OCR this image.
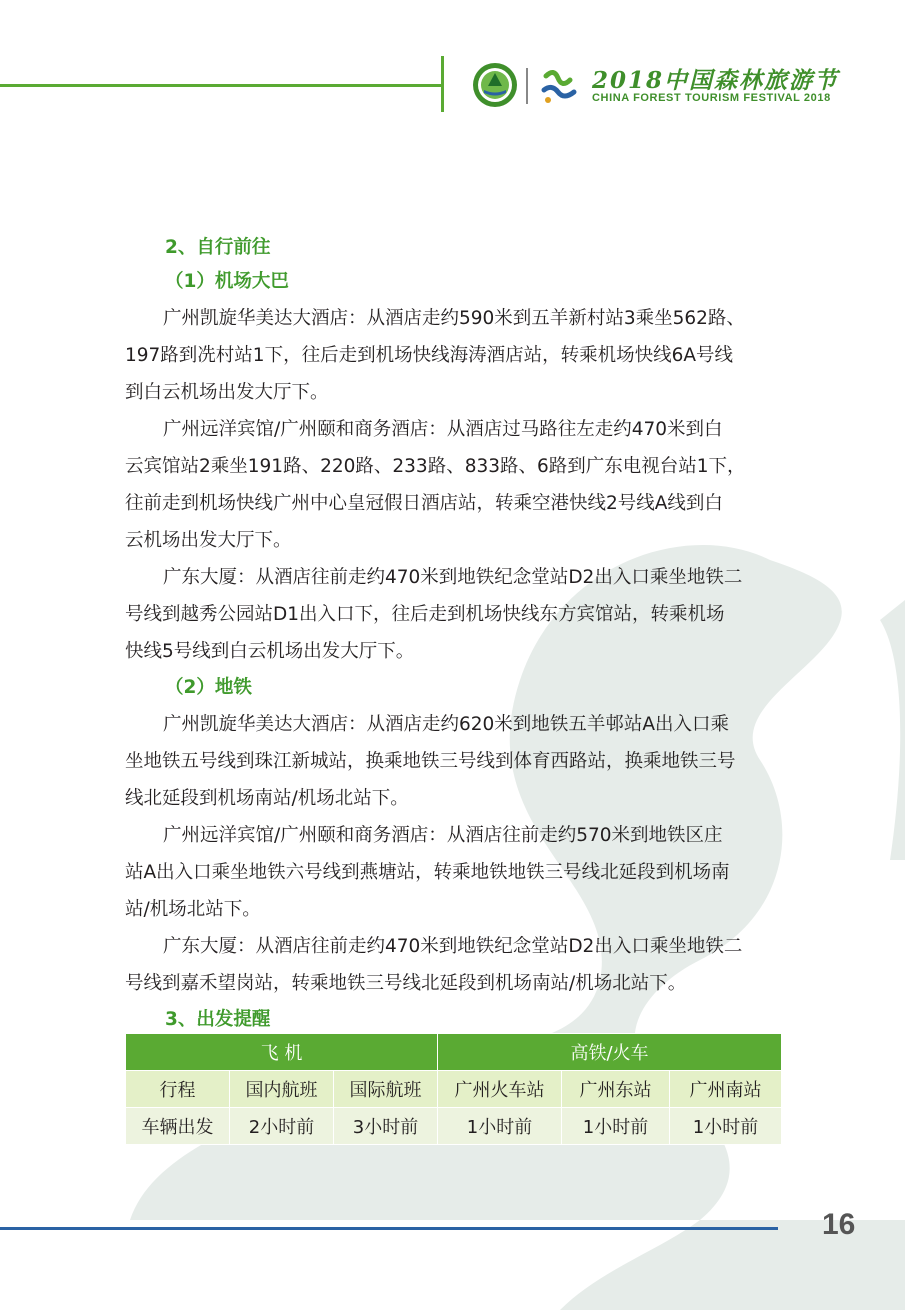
2018中国森林旅游节
CHINA FOREST TOURISM FESTIVAL 2018
2、自行前往
（1）机场大巴
广州凯旋华美达大酒店：从酒店走约590米到五羊新村站3乘坐562路、
197路到冼村站1下，往后走到机场快线海涛酒店站，转乘机场快线6A号线
到白云机场出发大厅下。
广州远洋宾馆/广州颐和商务酒店：从酒店过马路往左走约470米到白
云宾馆站2乘坐191路、220路、233路、833路、6路到广东电视台站1下，
往前走到机场快线广州中心皇冠假日酒店站，转乘空港快线2号线A线到白
云机场出发大厅下。
广东大厦：从酒店往前走约470米到地铁纪念堂站D2出入口乘坐地铁二
号线到越秀公园站D1出入口下，往后走到机场快线东方宾馆站，转乘机场
快线5号线到白云机场出发大厅下。
（2）地铁
广州凯旋华美达大酒店：从酒店走约620米到地铁五羊邨站A出入口乘
坐地铁五号线到珠江新城站，换乘地铁三号线到体育西路站，换乘地铁三号
线北延段到机场南站/机场北站下。
广州远洋宾馆/广州颐和商务酒店：从酒店往前走约570米到地铁区庄
站A出入口乘坐地铁六号线到燕塘站，转乘地铁地铁三号线北延段到机场南
站/机场北站下。
广东大厦：从酒店往前走约470米到地铁纪念堂站D2出入口乘坐地铁二
号线到嘉禾望岗站，转乘地铁三号线北延段到机场南站/机场北站下。
3、出发提醒
飞 机			高铁/火车		
行程	国内航班	国际航班	广州火车站	广州东站	广州南站
车辆出发	2小时前	3小时前	1小时前	1小时前	1小时前
16
